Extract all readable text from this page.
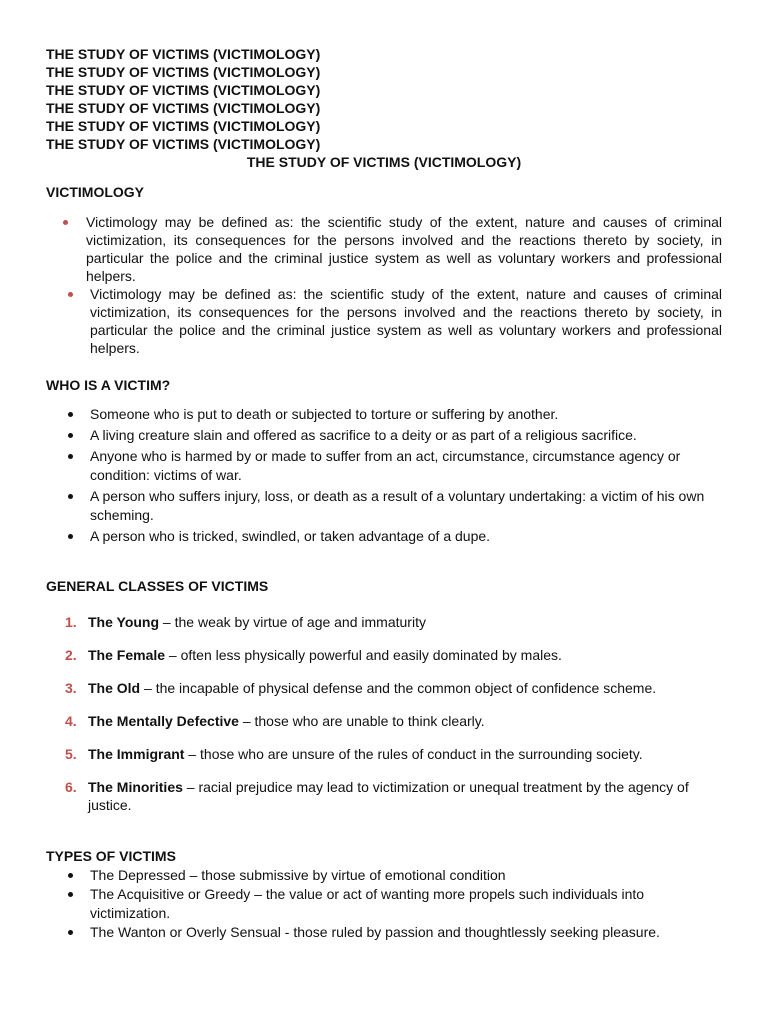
THE STUDY OF VICTIMS (VICTIMOLOGY)

THE STUDY OF VICTIMS (VICTIMOLOGY)

THE STUDY OF VICTIMS (VICTIMOLOGY)

THE STUDY OF VICTIMS (VICTIMOLOGY)

THE STUDY OF VICTIMS (VICTIMOLOGY)

THE STUDY OF VICTIMS (VICTIMOLOGY)

THE STUDY OF VICTIMS (VICTIMOLOGY)

VICTIMOLOGY

Victimology may be defined as: the scientific study of the extent, nature and causes of criminal victimization, its consequences for the persons involved and the reactions thereto by society, in particular the police and the criminal justice system as well as voluntary workers and professional helpers.
Victimology may be defined as: the scientific study of the extent, nature and causes of criminal victimization, its consequences for the persons involved and the reactions thereto by society, in particular the police and the criminal justice system as well as voluntary workers and professional helpers.

WHO IS A VICTIM?

Someone who is put to death or subjected to torture or suffering by another.
A living creature slain and offered as sacrifice to a deity or as part of a religious sacrifice.
Anyone who is harmed by or made to suffer from an act, circumstance, circumstance agency or condition: victims of war.
A person who suffers injury, loss, or death as a result of a voluntary undertaking: a victim of his own scheming.
A person who is tricked, swindled, or taken advantage of a dupe.

GENERAL CLASSES OF VICTIMS

1. The Young – the weak by virtue of age and immaturity
2. The Female – often less physically powerful and easily dominated by males.
3. The Old – the incapable of physical defense and the common object of confidence scheme.
4. The Mentally Defective – those who are unable to think clearly.
5. The Immigrant – those who are unsure of the rules of conduct in the surrounding society.
6. The Minorities – racial prejudice may lead to victimization or unequal treatment by the agency of justice.

TYPES OF VICTIMS

The Depressed – those submissive by virtue of emotional condition
The Acquisitive or Greedy – the value or act of wanting more propels such individuals into victimization.
The Wanton or Overly Sensual - those ruled by passion and thoughtlessly seeking pleasure.
